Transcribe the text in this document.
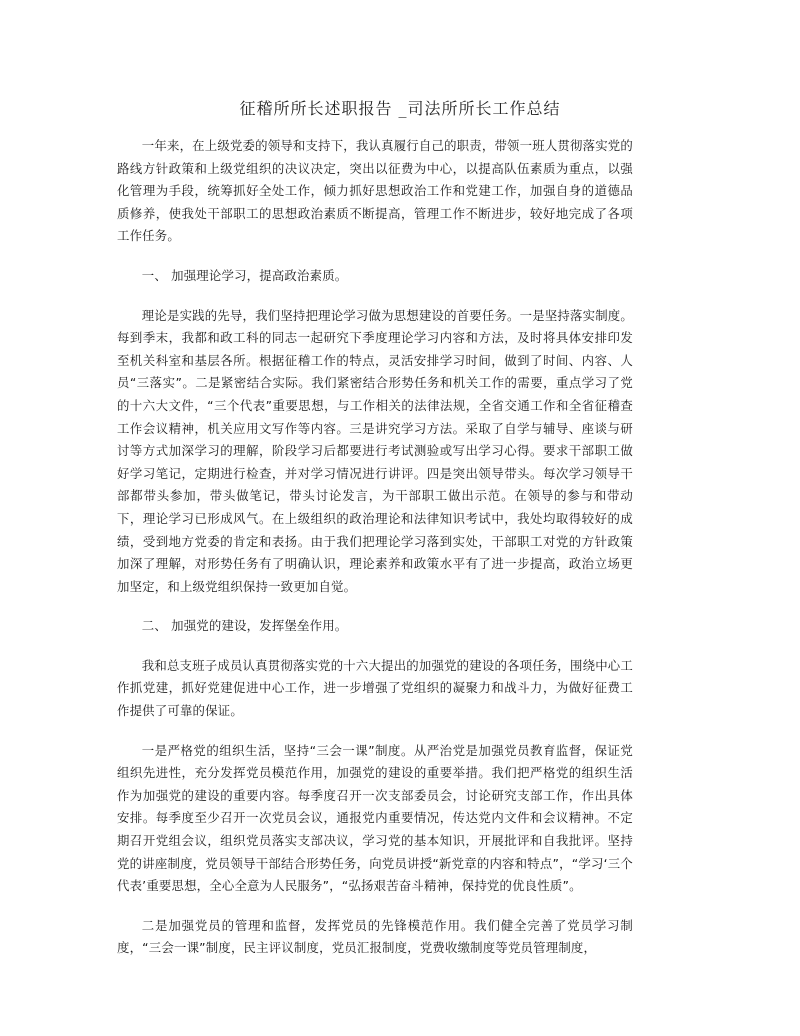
征稽所所长述职报告 _司法所所长工作总结

一年来，在上级党委的领导和支持下，我认真履行自己的职责，带领一班人贯彻落实党的路线方针政策和上级党组织的决议决定，突出以征费为中心，以提高队伍素质为重点，以强化管理为手段，统筹抓好全处工作，倾力抓好思想政治工作和党建工作，加强自身的道德品质修养，使我处干部职工的思想政治素质不断提高，管理工作不断进步，较好地完成了各项工作任务。

一、 加强理论学习，提高政治素质。

理论是实践的先导，我们坚持把理论学习做为思想建设的首要任务。一是坚持落实制度。每到季末，我都和政工科的同志一起研究下季度理论学习内容和方法，及时将具体安排印发至机关科室和基层各所。根据征稽工作的特点，灵活安排学习时间，做到了时间、内容、人员“三落实”。二是紧密结合实际。我们紧密结合形势任务和机关工作的需要，重点学习了党的十六大文件，“三个代表”重要思想，与工作相关的法律法规，全省交通工作和全省征稽查工作会议精神，机关应用文写作等内容。三是讲究学习方法。采取了自学与辅导、座谈与研讨等方式加深学习的理解，阶段学习后都要进行考试测验或写出学习心得。要求干部职工做好学习笔记，定期进行检查，并对学习情况进行讲评。四是突出领导带头。每次学习领导干部都带头参加，带头做笔记，带头讨论发言，为干部职工做出示范。在领导的参与和带动下，理论学习已形成风气。在上级组织的政治理论和法律知识考试中，我处均取得较好的成绩，受到地方党委的肯定和表扬。由于我们把理论学习落到实处，干部职工对党的方针政策加深了理解，对形势任务有了明确认识，理论素养和政策水平有了进一步提高，政治立场更加坚定，和上级党组织保持一致更加自觉。

二、 加强党的建设，发挥堡垒作用。

我和总支班子成员认真贯彻落实党的十六大提出的加强党的建设的各项任务，围绕中心工作抓党建，抓好党建促进中心工作，进一步增强了党组织的凝聚力和战斗力，为做好征费工作提供了可靠的保证。

一是严格党的组织生活，坚持“三会一课”制度。从严治党是加强党员教育监督，保证党组织先进性，充分发挥党员模范作用，加强党的建设的重要举措。我们把严格党的组织生活作为加强党的建设的重要内容。每季度召开一次支部委员会，讨论研究支部工作，作出具体安排。每季度至少召开一次党员会议，通报党内重要情况，传达党内文件和会议精神。不定期召开党组会议，组织党员落实支部决议，学习党的基本知识，开展批评和自我批评。坚持党的讲座制度，党员领导干部结合形势任务，向党员讲授“新党章的内容和特点”，“学习‘三个代表’重要思想，全心全意为人民服务”，“弘扬艰苦奋斗精神，保持党的优良性质”。

二是加强党员的管理和监督，发挥党员的先锋模范作用。我们健全完善了党员学习制度，“三会一课”制度，民主评议制度，党员汇报制度，党费收缴制度等党员管理制度，
